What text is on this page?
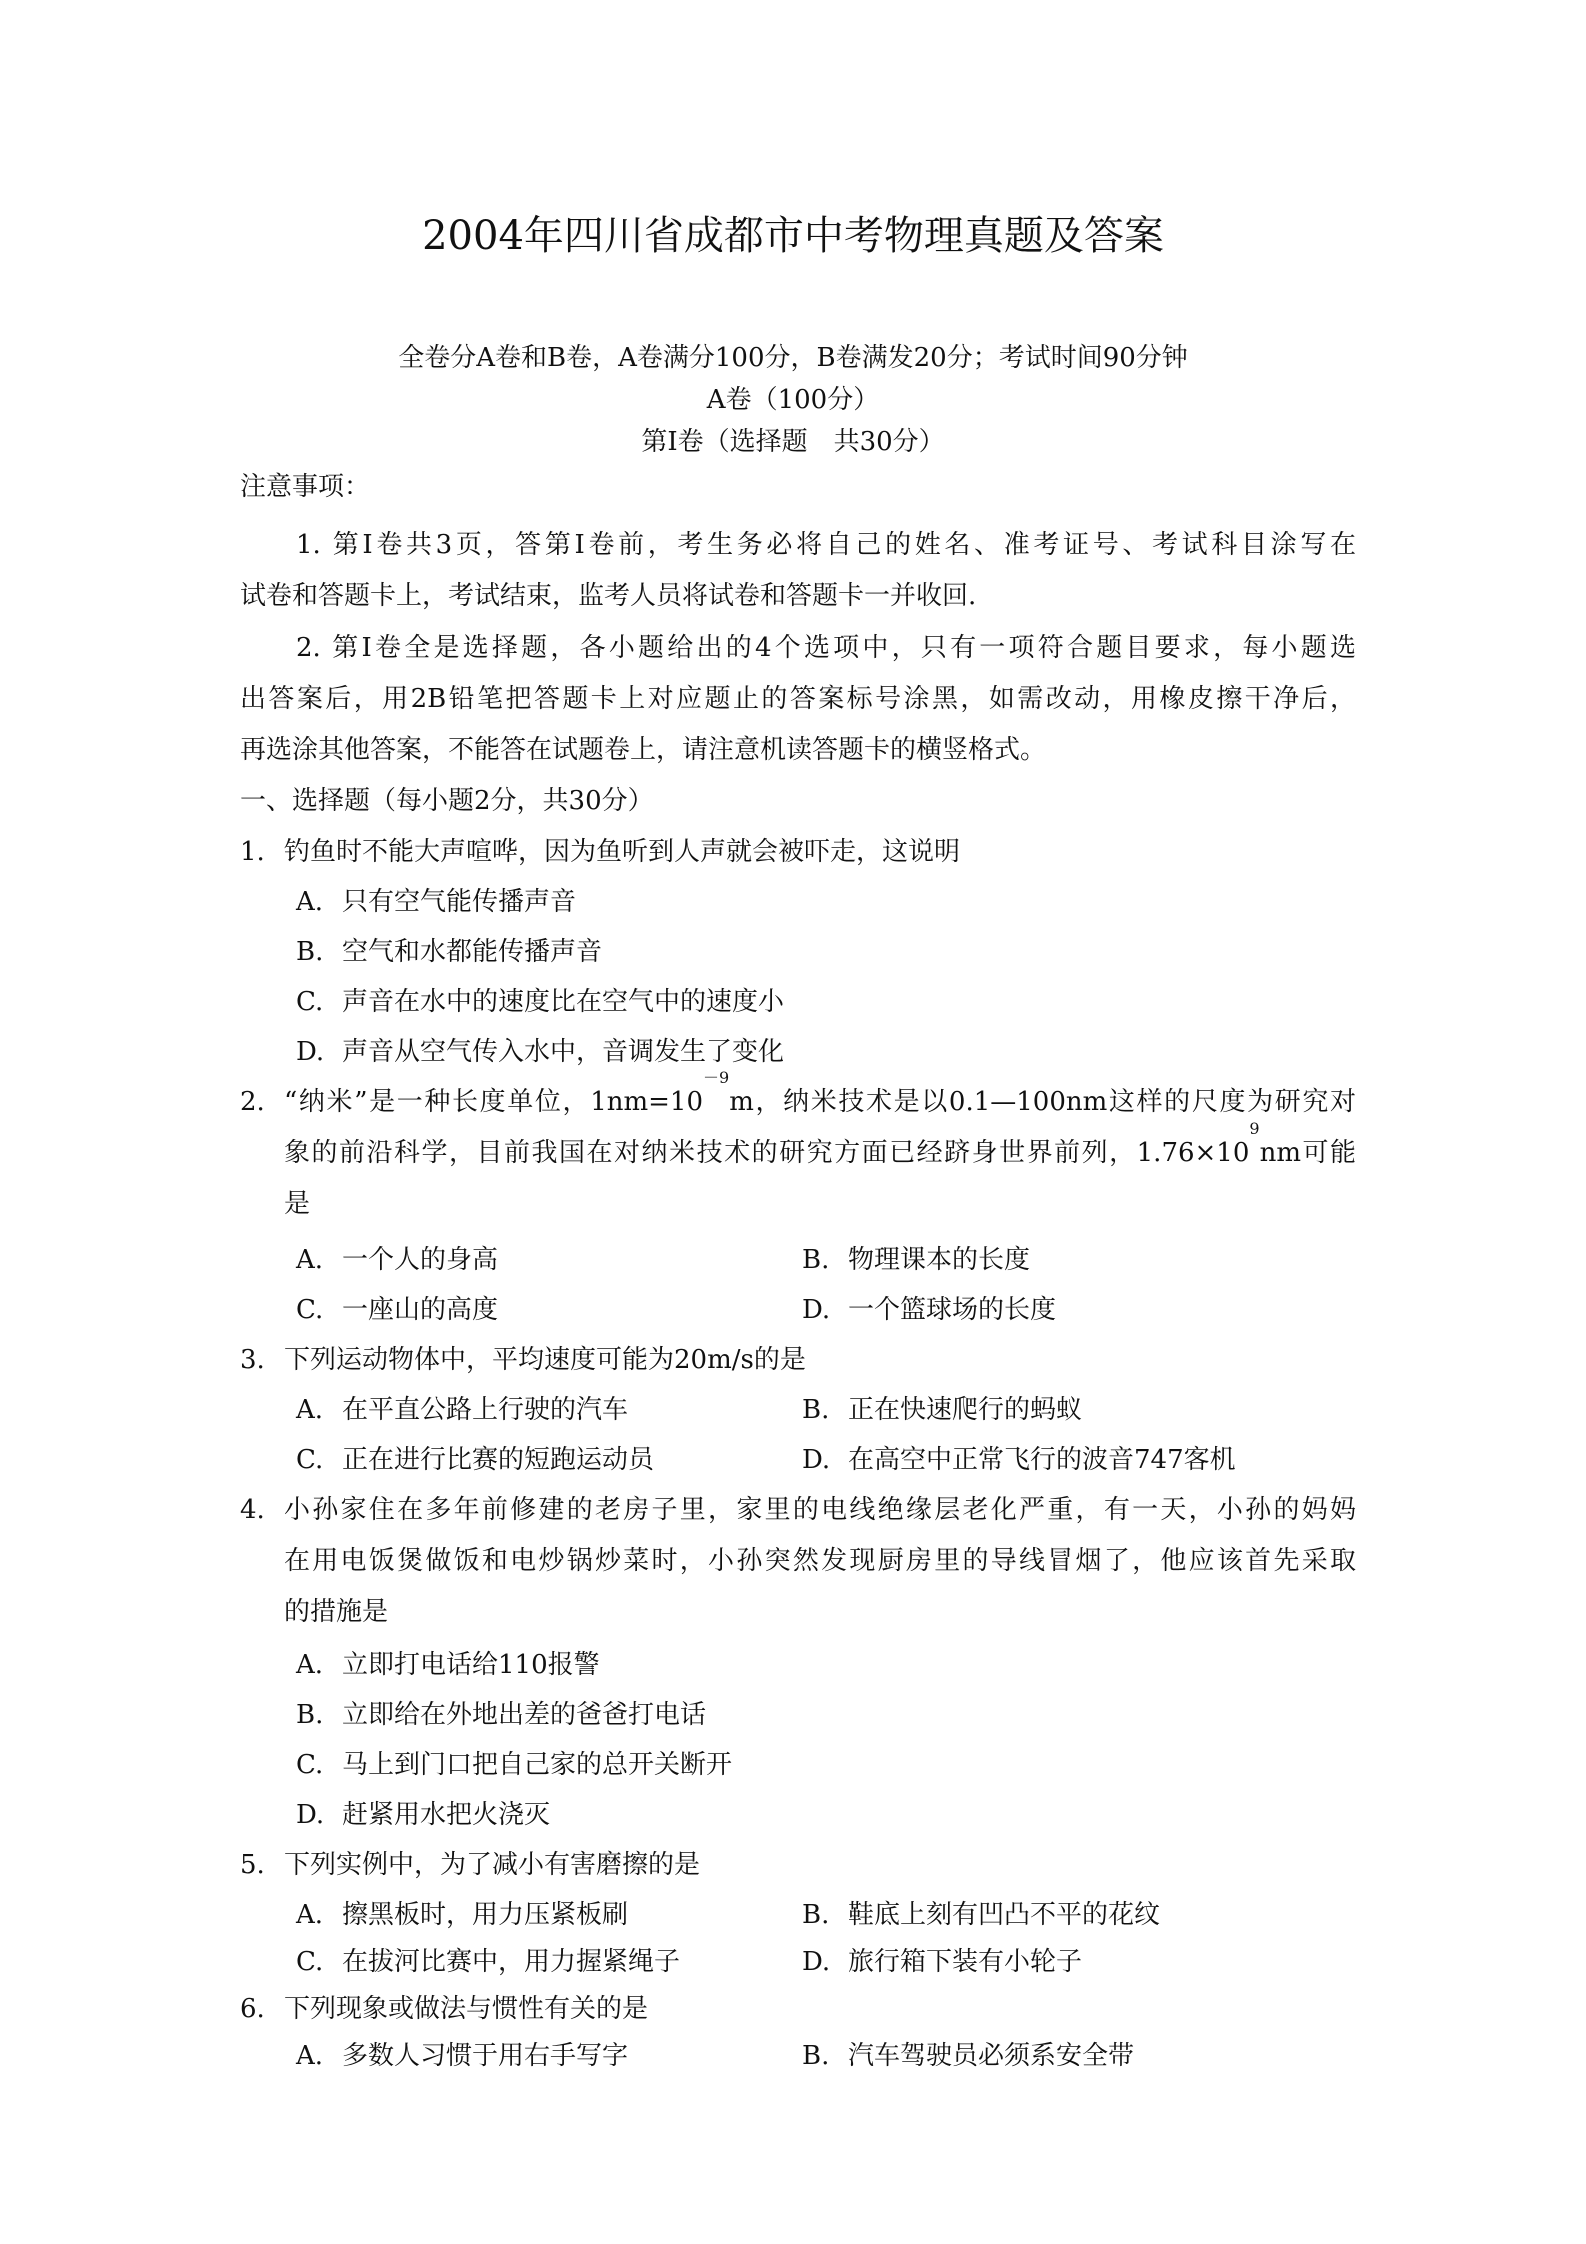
2004年四川省成都市中考物理真题及答案
全卷分A卷和B卷，A卷满分100分，B卷满发20分；考试时间90分钟
A卷（100分）
第I卷（选择题　共30分）
注意事项：
1. 第I卷共3页，答第I卷前，考生务必将自己的姓名、准考证号、考试科目涂写在
试卷和答题卡上，考试结束，监考人员将试卷和答题卡一并收回.
2. 第I卷全是选择题，各小题给出的4个选项中，只有一项符合题目要求，每小题选
出答案后，用2B铅笔把答题卡上对应题止的答案标号涂黑，如需改动，用橡皮擦干净后，
再选涂其他答案，不能答在试题卷上，请注意机读答题卡的横竖格式。
一、选择题（每小题2分，共30分）
1. 钓鱼时不能大声喧哗，因为鱼听到人声就会被吓走，这说明
A. 只有空气能传播声音
B. 空气和水都能传播声音
C. 声音在水中的速度比在空气中的速度小
D. 声音从空气传入水中，音调发生了变化
2. “纳米”是一种长度单位，$1nm=10^{-9}m$，纳米技术是以0.1—100nm这样的尺度为研究对
象的前沿科学，目前我国在对纳米技术的研究方面已经跻身世界前列，$1.76\times 10^9nm$可能
是
A. 一个人的身高	B. 物理课本的长度
C. 一座山的高度	D. 一个篮球场的长度
3. 下列运动物体中，平均速度可能为20m/s的是
A. 在平直公路上行驶的汽车	B. 正在快速爬行的蚂蚁
C. 正在进行比赛的短跑运动员	D. 在高空中正常飞行的波音747客机
4. 小孙家住在多年前修建的老房子里，家里的电线绝缘层老化严重，有一天，小孙的妈妈
在用电饭煲做饭和电炒锅炒菜时，小孙突然发现厨房里的导线冒烟了，他应该首先采取
的措施是
A. 立即打电话给110报警
B. 立即给在外地出差的爸爸打电话
C. 马上到门口把自己家的总开关断开
D. 赶紧用水把火浇灭
5. 下列实例中，为了减小有害磨擦的是
A. 擦黑板时，用力压紧板刷	B. 鞋底上刻有凹凸不平的花纹
C. 在拔河比赛中，用力握紧绳子	D. 旅行箱下装有小轮子
6. 下列现象或做法与惯性有关的是
A. 多数人习惯于用右手写字	B. 汽车驾驶员必须系安全带
